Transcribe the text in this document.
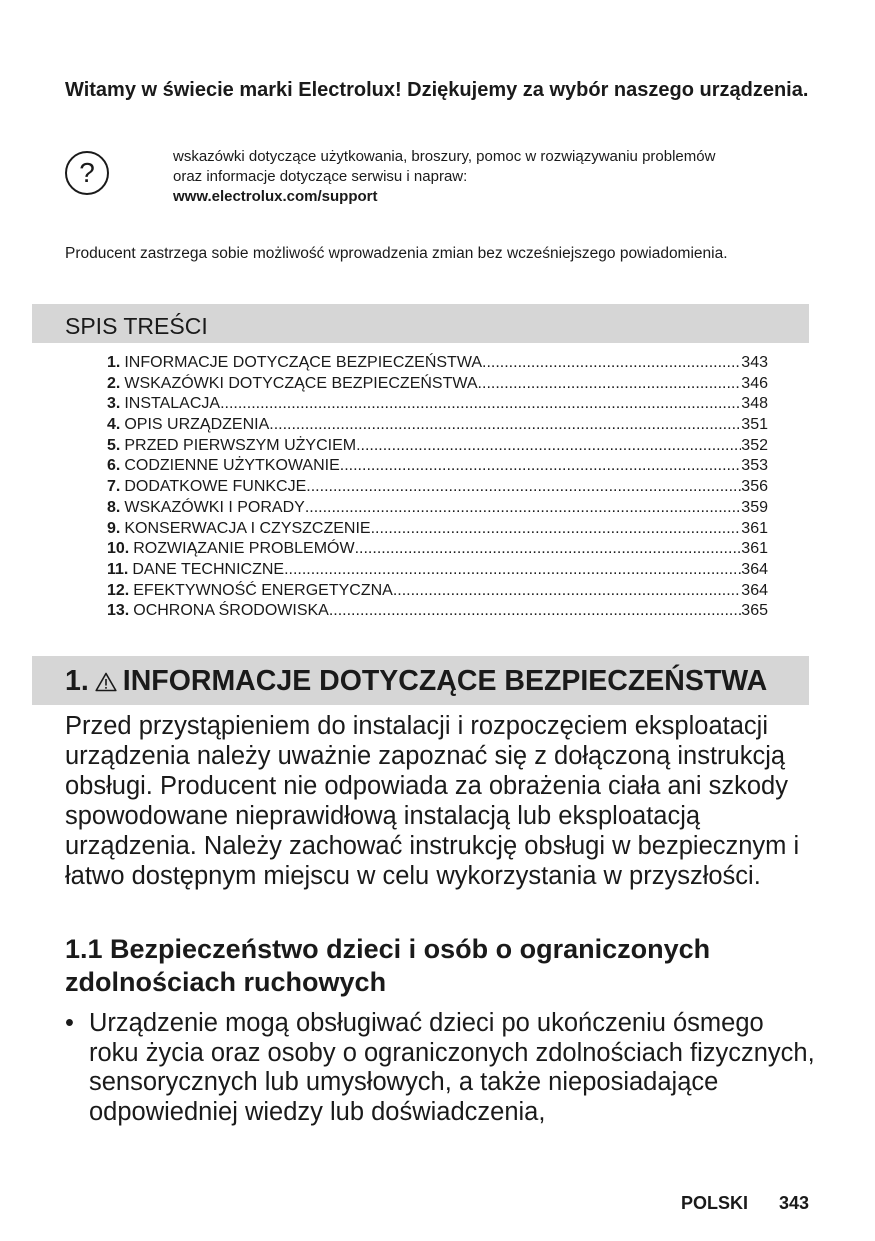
Witamy w świecie marki Electrolux! Dziękujemy za wybór naszego urządzenia.
?
wskazówki dotyczące użytkowania, broszury, pomoc w rozwiązywaniu problemów
oraz informacje dotyczące serwisu i napraw:
www.electrolux.com/support
Producent zastrzega sobie możliwość wprowadzenia zmian bez wcześniejszego powiadomienia.
SPIS TREŚCI
1. INFORMACJE DOTYCZĄCE BEZPIECZEŃSTWA .....	343
2. WSKAZÓWKI DOTYCZĄCE BEZPIECZEŃSTWA .....	346
3. INSTALACJA .....	348
4. OPIS URZĄDZENIA .....	351
5. PRZED PIERWSZYM UŻYCIEM .....	352
6. CODZIENNE UŻYTKOWANIE .....	353
7. DODATKOWE FUNKCJE .....	356
8. WSKAZÓWKI I PORADY .....	359
9. KONSERWACJA I CZYSZCZENIE .....	361
10. ROZWIĄZANIE PROBLEMÓW .....	361
11. DANE TECHNICZNE .....	364
12. EFEKTYWNOŚĆ ENERGETYCZNA .....	364
13. OCHRONA ŚRODOWISKA .....	365
1. INFORMACJE DOTYCZĄCE BEZPIECZEŃSTWA
Przed przystąpieniem do instalacji i rozpoczęciem eksploatacji urządzenia należy uważnie zapoznać się z dołączoną instrukcją obsługi. Producent nie odpowiada za obrażenia ciała ani szkody spowodowane nieprawidłową instalacją lub eksploatacją urządzenia. Należy zachować instrukcję obsługi w bezpiecznym i łatwo dostępnym miejscu w celu wykorzystania w przyszłości.
1.1 Bezpieczeństwo dzieci i osób o ograniczonych zdolnościach ruchowych
• Urządzenie mogą obsługiwać dzieci po ukończeniu ósmego roku życia oraz osoby o ograniczonych zdolnościach fizycznych, sensorycznych lub umysłowych, a także nieposiadające odpowiedniej wiedzy lub doświadczenia,
POLSKI 343
